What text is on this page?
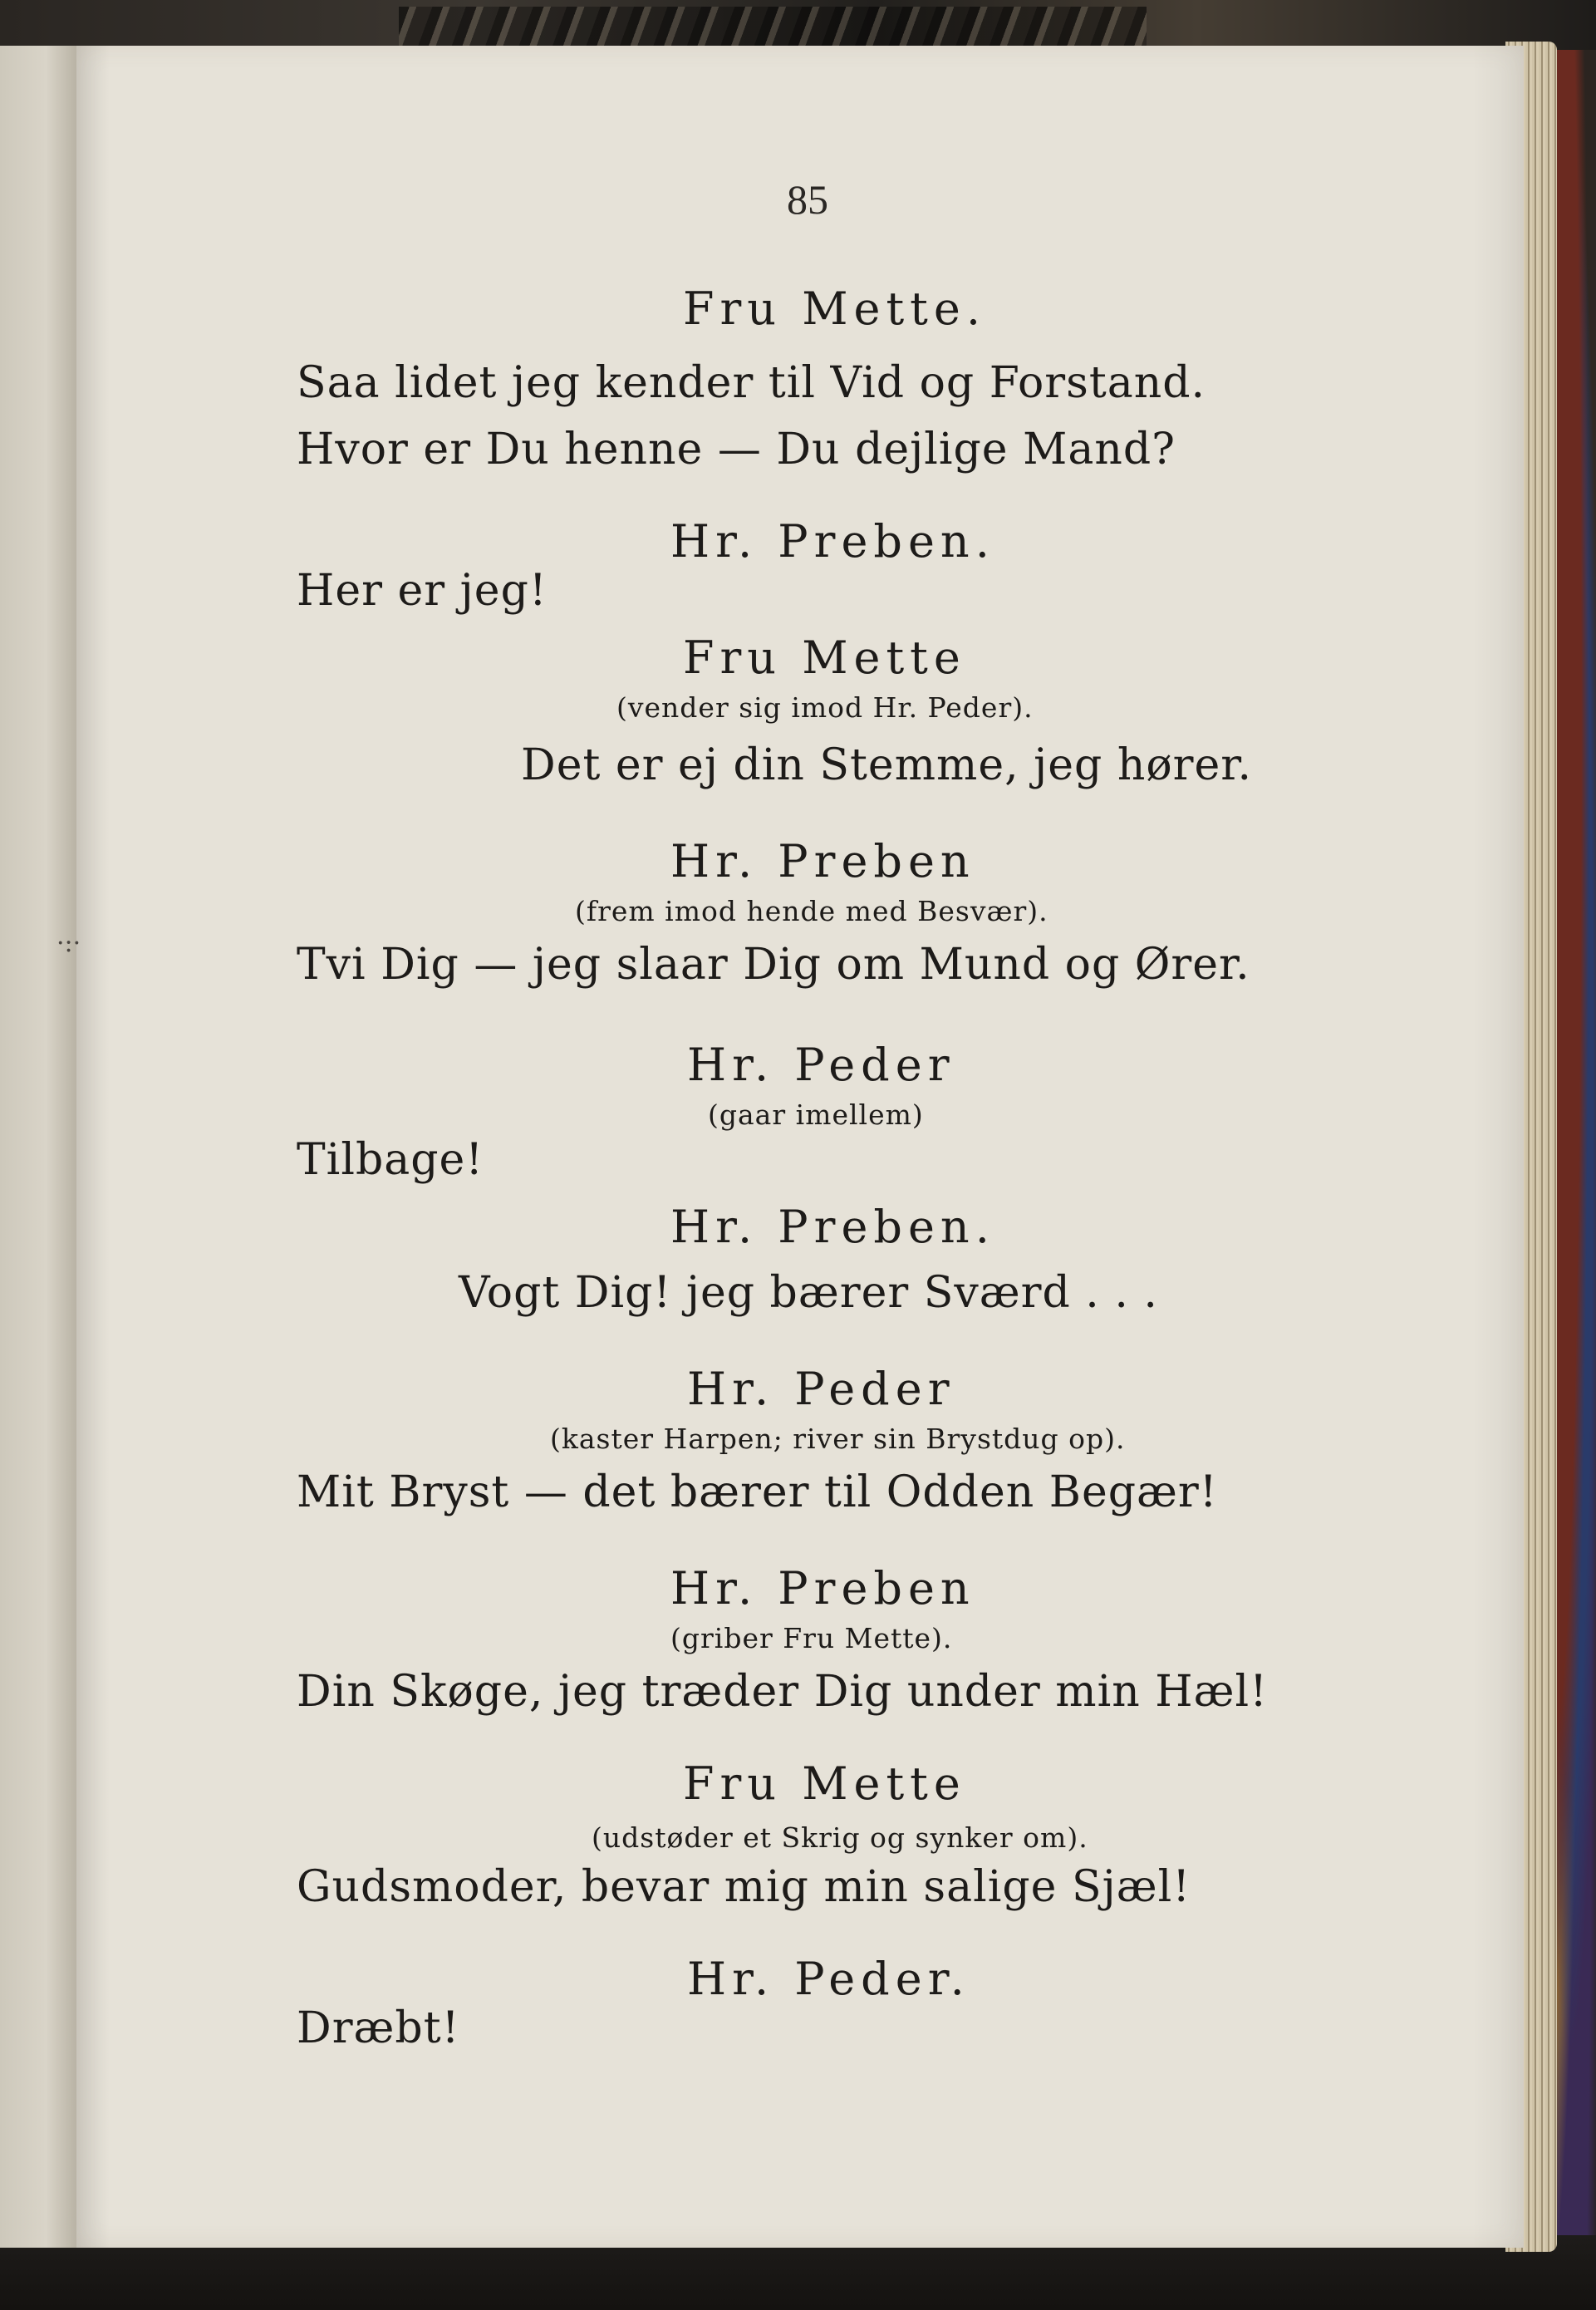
85
Fru Mette.
Saa lidet jeg kender til Vid og Forstand.
Hvor er Du henne — Du dejlige Mand?
Hr. Preben.
Her er jeg!
Fru Mette
(vender sig imod Hr. Peder).
Det er ej din Stemme, jeg hører.
Hr. Preben
(frem imod hende med Besvær).
Tvi Dig — jeg slaar Dig om Mund og Ører.
Hr. Peder
(gaar imellem)
Tilbage!
Hr. Preben.
Vogt Dig! jeg bærer Sværd . . .
Hr. Peder
(kaster Harpen; river sin Brystdug op).
Mit Bryst — det bærer til Odden Begær!
Hr. Preben
(griber Fru Mette).
Din Skøge, jeg træder Dig under min Hæl!
Fru Mette
(udstøder et Skrig og synker om).
Gudsmoder, bevar mig min salige Sjæl!
Hr. Peder.
Dræbt!
·:·
